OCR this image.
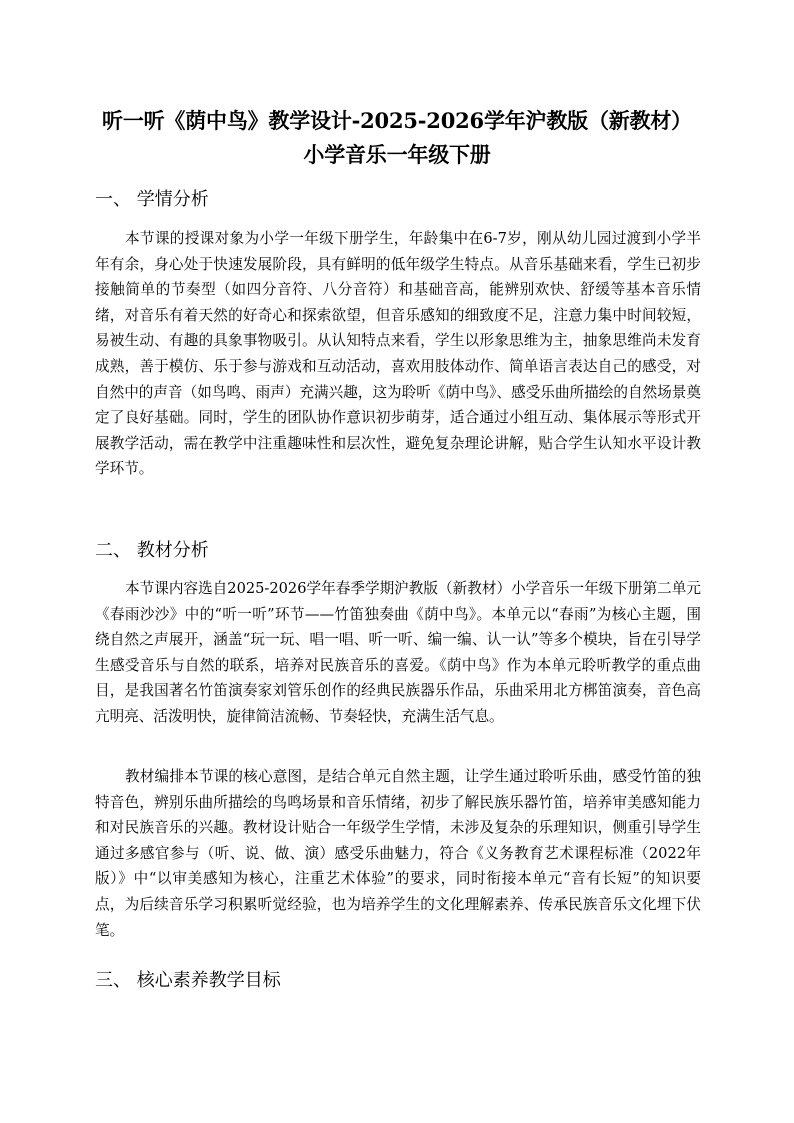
听一听《荫中鸟》教学设计-2025-2026学年沪教版（新教材）小学音乐一年级下册
一、 学情分析

本节课的授课对象为小学一年级下册学生，年龄集中在6-7岁，刚从幼儿园过渡到小学半年有余，身心处于快速发展阶段，具有鲜明的低年级学生特点。从音乐基础来看，学生已初步接触简单的节奏型（如四分音符、八分音符）和基础音高，能辨别欢快、舒缓等基本音乐情绪，对音乐有着天然的好奇心和探索欲望，但音乐感知的细致度不足，注意力集中时间较短，易被生动、有趣的具象事物吸引。从认知特点来看，学生以形象思维为主，抽象思维尚未发育成熟，善于模仿、乐于参与游戏和互动活动，喜欢用肢体动作、简单语言表达自己的感受，对自然中的声音（如鸟鸣、雨声）充满兴趣，这为聆听《荫中鸟》、感受乐曲所描绘的自然场景奠定了良好基础。同时，学生的团队协作意识初步萌芽，适合通过小组互动、集体展示等形式开展教学活动，需在教学中注重趣味性和层次性，避免复杂理论讲解，贴合学生认知水平设计教学环节。

二、 教材分析

本节课内容选自2025-2026学年春季学期沪教版（新教材）小学音乐一年级下册第二单元《春雨沙沙》中的“听一听”环节——竹笛独奏曲《荫中鸟》。本单元以“春雨”为核心主题，围绕自然之声展开，涵盖“玩一玩、唱一唱、听一听、编一编、认一认”等多个模块，旨在引导学生感受音乐与自然的联系，培养对民族音乐的喜爱。《荫中鸟》作为本单元聆听教学的重点曲目，是我国著名竹笛演奏家刘管乐创作的经典民族器乐作品，乐曲采用北方梆笛演奏，音色高亢明亮、活泼明快，旋律简洁流畅、节奏轻快，充满生活气息。

教材编排本节课的核心意图，是结合单元自然主题，让学生通过聆听乐曲，感受竹笛的独特音色，辨别乐曲所描绘的鸟鸣场景和音乐情绪，初步了解民族乐器竹笛，培养审美感知能力和对民族音乐的兴趣。教材设计贴合一年级学生学情，未涉及复杂的乐理知识，侧重引导学生通过多感官参与（听、说、做、演）感受乐曲魅力，符合《义务教育艺术课程标准（2022年版）》中“以审美感知为核心，注重艺术体验”的要求，同时衔接本单元“音有长短”的知识要点，为后续音乐学习积累听觉经验，也为培养学生的文化理解素养、传承民族音乐文化埋下伏笔。

三、 核心素养教学目标
